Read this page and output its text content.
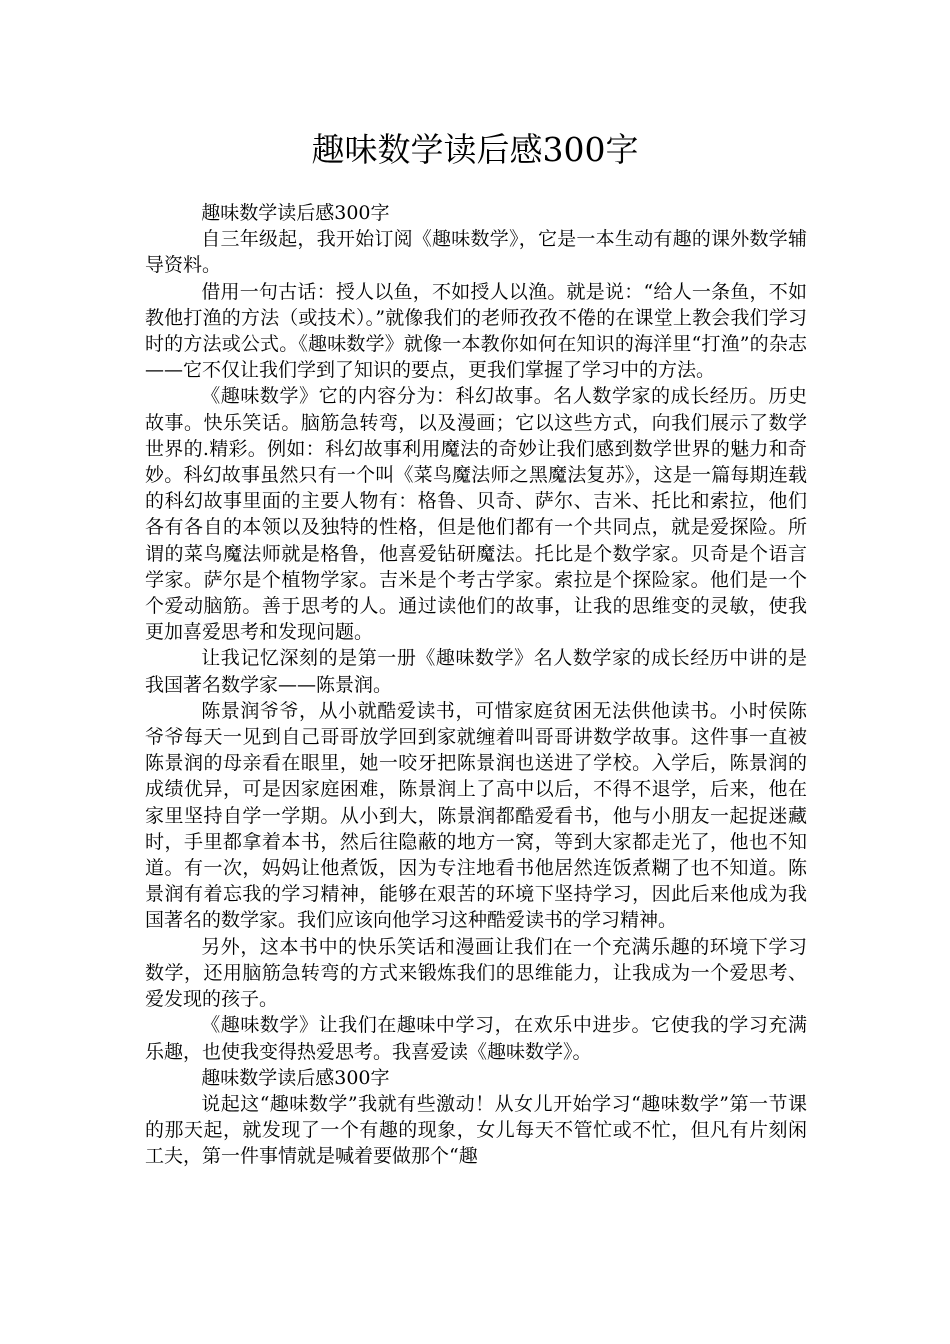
趣味数学读后感300字

趣味数学读后感300字

自三年级起，我开始订阅《趣味数学》，它是一本生动有趣的课外数学辅导资料。

借用一句古话：授人以鱼，不如授人以渔。就是说：“给人一条鱼，不如教他打渔的方法（或技术）。”就像我们的老师孜孜不倦的在课堂上教会我们学习时的方法或公式。《趣味数学》就像一本教你如何在知识的海洋里“打渔”的杂志——它不仅让我们学到了知识的要点，更我们掌握了学习中的方法。

《趣味数学》它的内容分为：科幻故事。名人数学家的成长经历。历史故事。快乐笑话。脑筋急转弯，以及漫画；它以这些方式，向我们展示了数学世界的.精彩。例如：科幻故事利用魔法的奇妙让我们感到数学世界的魅力和奇妙。科幻故事虽然只有一个叫《菜鸟魔法师之黑魔法复苏》，这是一篇每期连载的科幻故事里面的主要人物有：格鲁、贝奇、萨尔、吉米、托比和索拉，他们各有各自的本领以及独特的性格，但是他们都有一个共同点，就是爱探险。所谓的菜鸟魔法师就是格鲁，他喜爱钻研魔法。托比是个数学家。贝奇是个语言学家。萨尔是个植物学家。吉米是个考古学家。索拉是个探险家。他们是一个个爱动脑筋。善于思考的人。通过读他们的故事，让我的思维变的灵敏，使我更加喜爱思考和发现问题。

让我记忆深刻的是第一册《趣味数学》名人数学家的成长经历中讲的是我国著名数学家——陈景润。

陈景润爷爷，从小就酷爱读书，可惜家庭贫困无法供他读书。小时侯陈爷爷每天一见到自己哥哥放学回到家就缠着叫哥哥讲数学故事。这件事一直被陈景润的母亲看在眼里，她一咬牙把陈景润也送进了学校。入学后，陈景润的成绩优异，可是因家庭困难，陈景润上了高中以后，不得不退学，后来，他在家里坚持自学一学期。从小到大，陈景润都酷爱看书，他与小朋友一起捉迷藏时，手里都拿着本书，然后往隐蔽的地方一窝，等到大家都走光了，他也不知道。有一次，妈妈让他煮饭，因为专注地看书他居然连饭煮糊了也不知道。陈景润有着忘我的学习精神，能够在艰苦的环境下坚持学习，因此后来他成为我国著名的数学家。我们应该向他学习这种酷爱读书的学习精神。

另外，这本书中的快乐笑话和漫画让我们在一个充满乐趣的环境下学习数学，还用脑筋急转弯的方式来锻炼我们的思维能力，让我成为一个爱思考、爱发现的孩子。

《趣味数学》让我们在趣味中学习，在欢乐中进步。它使我的学习充满乐趣，也使我变得热爱思考。我喜爱读《趣味数学》。

趣味数学读后感300字

说起这“趣味数学”我就有些激动！从女儿开始学习“趣味数学”第一节课的那天起，就发现了一个有趣的现象，女儿每天不管忙或不忙，但凡有片刻闲工夫，第一件事情就是喊着要做那个“趣
